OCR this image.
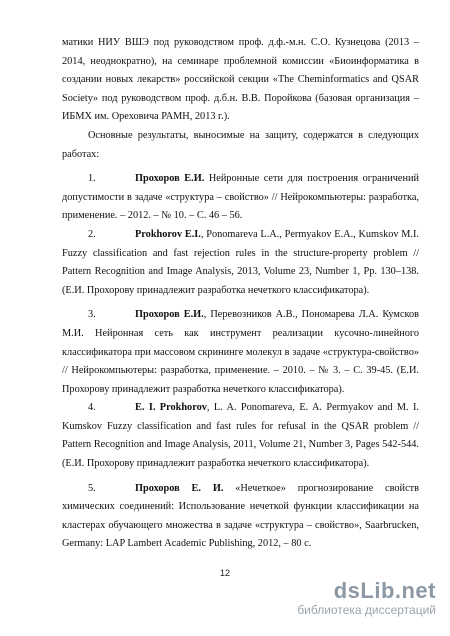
матики НИУ ВШЭ под руководством проф. д.ф.-м.н. С.О. Кузнецова (2013 – 2014, неоднократно), на семинаре проблемной комиссии «Биоинформатика в создании новых лекарств» российской секции «The Cheminformatics and QSAR Society» под руководством проф. д.б.н. В.В. Поройкова (базовая организация – ИБМХ им. Ореховича РАМН, 2013 г.).

Основные результаты, выносимые на защиту, содержатся в следующих работах:

1.	Прохоров Е.И. Нейронные сети для построения ограничений допустимости в задаче «структура – свойство» // Нейрокомпьютеры: разработка, применение. – 2012. – № 10. – С. 46 – 56.

2.	Prokhorov E.I., Ponomareva L.A., Permyakov E.A., Kumskov M.I. Fuzzy classification and fast rejection rules in the structure-property problem // Pattern Recognition and Image Analysis, 2013, Volume 23, Number 1, Pp. 130–138. (Е.И. Прохорову принадлежит разработка нечеткого классификатора).

3.	Прохоров Е.И., Перевозников А.В., Пономарева Л.А. Кумсков М.И. Нейронная сеть как инструмент реализации кусочно-линейного классификатора при массовом скрининге молекул в задаче «структура-свойство» // Нейрокомпьютеры: разработка, применение. – 2010. – № 3. – С. 39-45. (Е.И. Прохорову принадлежит разработка нечеткого классификатора).

4.	E. I. Prokhorov, L. A. Ponomareva, E. A. Permyakov and M. I. Kumskov Fuzzy classification and fast rules for refusal in the QSAR problem // Pattern Recognition and Image Analysis, 2011, Volume 21, Number 3, Pages 542-544. (Е.И. Прохорову принадлежит разработка нечеткого классификатора).

5.	Прохоров Е. И. «Нечеткое» прогнозирование свойств химических соединений: Использование нечеткой функции классификации на кластерах обучающего множества в задаче «структура – свойство», Saarbrucken, Germany: LAP Lambert Academic Publishing, 2012, – 80 с.

12
dsLib.net
библиотека диссертаций
